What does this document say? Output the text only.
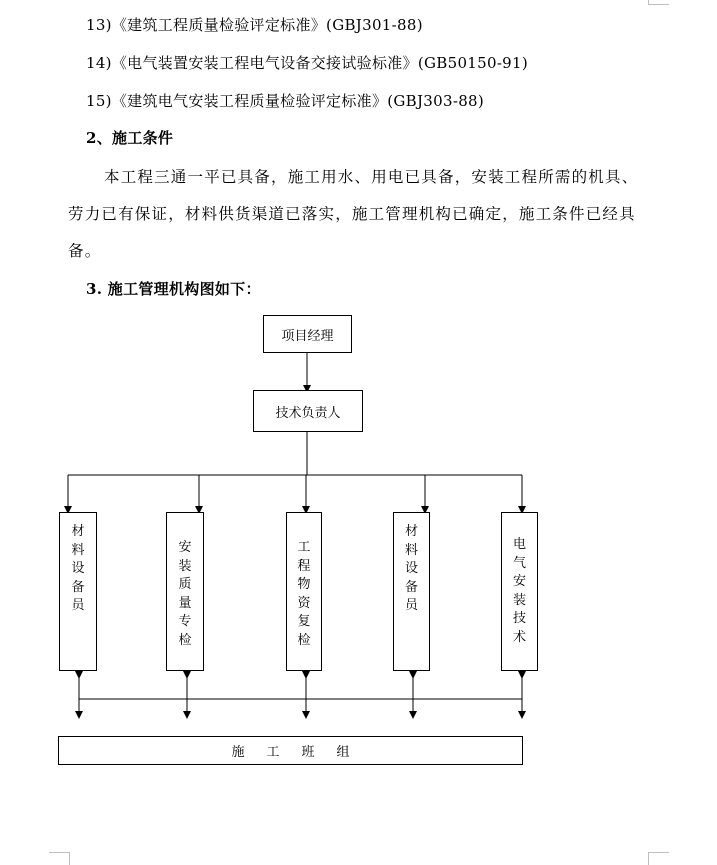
13)《建筑工程质量检验评定标准》(GBJ301-88)
14)《电气装置安装工程电气设备交接试验标准》(GB50150-91)
15)《建筑电气安装工程质量检验评定标准》(GBJ303-88)
2、施工条件
本工程三通一平已具备，施工用水、用电已具备，安装工程所需的机具、
劳力已有保证，材料供货渠道已落实，施工管理机构已确定，施工条件已经具
备。
3. 施工管理机构图如下：
项目经理
技术负责人
材
料
设
备
员
安
装
质
量
专
检
工
程
物
资
复
检
材
料
设
备
员
电
气
安
装
技
术
施工班组
